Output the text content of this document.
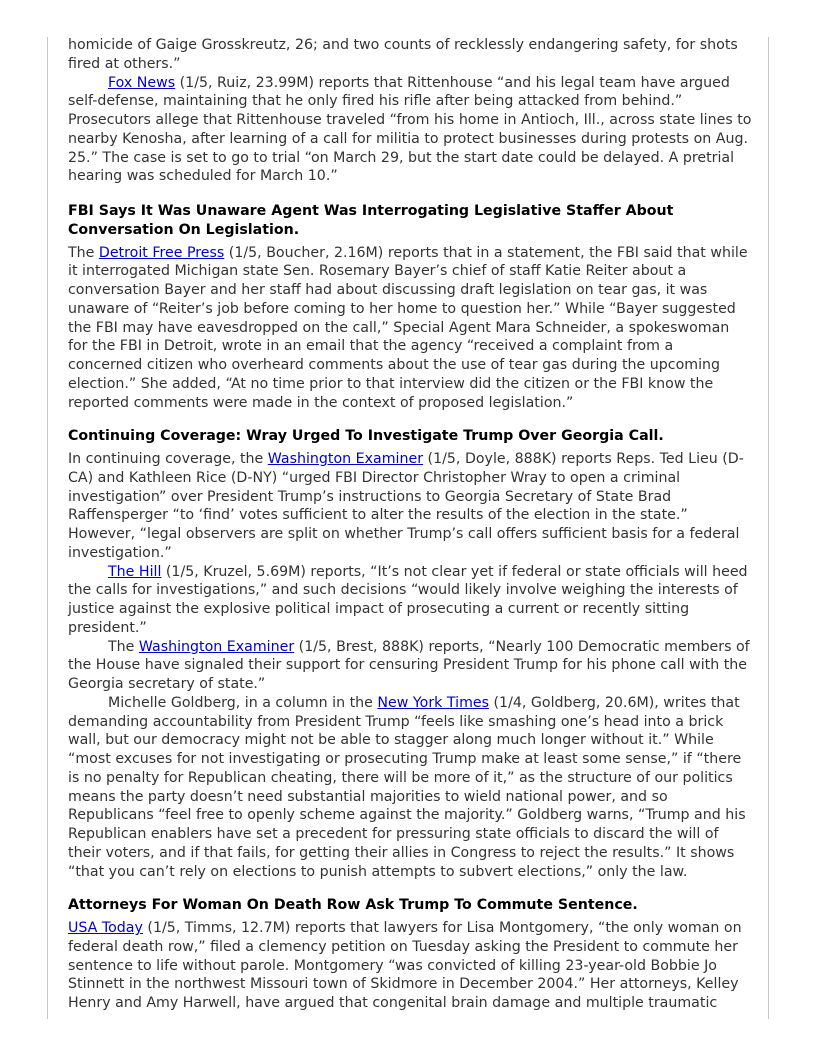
homicide of Gaige Grosskreutz, 26; and two counts of recklessly endangering safety, for shots fired at others.”

Fox News (1/5, Ruiz, 23.99M) reports that Rittenhouse “and his legal team have argued self-defense, maintaining that he only fired his rifle after being attacked from behind.” Prosecutors allege that Rittenhouse traveled “from his home in Antioch, Ill., across state lines to nearby Kenosha, after learning of a call for militia to protect businesses during protests on Aug. 25.” The case is set to go to trial “on March 29, but the start date could be delayed. A pretrial hearing was scheduled for March 10.”

FBI Says It Was Unaware Agent Was Interrogating Legislative Staffer About Conversation On Legislation.

The Detroit Free Press (1/5, Boucher, 2.16M) reports that in a statement, the FBI said that while it interrogated Michigan state Sen. Rosemary Bayer’s chief of staff Katie Reiter about a conversation Bayer and her staff had about discussing draft legislation on tear gas, it was unaware of “Reiter’s job before coming to her home to question her.” While “Bayer suggested the FBI may have eavesdropped on the call,” Special Agent Mara Schneider, a spokeswoman for the FBI in Detroit, wrote in an email that the agency “received a complaint from a concerned citizen who overheard comments about the use of tear gas during the upcoming election.” She added, “At no time prior to that interview did the citizen or the FBI know the reported comments were made in the context of proposed legislation.”

Continuing Coverage: Wray Urged To Investigate Trump Over Georgia Call.

In continuing coverage, the Washington Examiner (1/5, Doyle, 888K) reports Reps. Ted Lieu (D-CA) and Kathleen Rice (D-NY) “urged FBI Director Christopher Wray to open a criminal investigation” over President Trump’s instructions to Georgia Secretary of State Brad Raffensperger “to ‘find’ votes sufficient to alter the results of the election in the state.” However, “legal observers are split on whether Trump’s call offers sufficient basis for a federal investigation.”

The Hill (1/5, Kruzel, 5.69M) reports, “It’s not clear yet if federal or state officials will heed the calls for investigations,” and such decisions “would likely involve weighing the interests of justice against the explosive political impact of prosecuting a current or recently sitting president.”

The Washington Examiner (1/5, Brest, 888K) reports, “Nearly 100 Democratic members of the House have signaled their support for censuring President Trump for his phone call with the Georgia secretary of state.”

Michelle Goldberg, in a column in the New York Times (1/4, Goldberg, 20.6M), writes that demanding accountability from President Trump “feels like smashing one’s head into a brick wall, but our democracy might not be able to stagger along much longer without it.” While “most excuses for not investigating or prosecuting Trump make at least some sense,” if “there is no penalty for Republican cheating, there will be more of it,” as the structure of our politics means the party doesn’t need substantial majorities to wield national power, and so Republicans “feel free to openly scheme against the majority.” Goldberg warns, “Trump and his Republican enablers have set a precedent for pressuring state officials to discard the will of their voters, and if that fails, for getting their allies in Congress to reject the results.” It shows “that you can’t rely on elections to punish attempts to subvert elections,” only the law.

Attorneys For Woman On Death Row Ask Trump To Commute Sentence.

USA Today (1/5, Timms, 12.7M) reports that lawyers for Lisa Montgomery, “the only woman on federal death row,” filed a clemency petition on Tuesday asking the President to commute her sentence to life without parole. Montgomery “was convicted of killing 23-year-old Bobbie Jo Stinnett in the northwest Missouri town of Skidmore in December 2004.” Her attorneys, Kelley Henry and Amy Harwell, have argued that congenital brain damage and multiple traumatic
